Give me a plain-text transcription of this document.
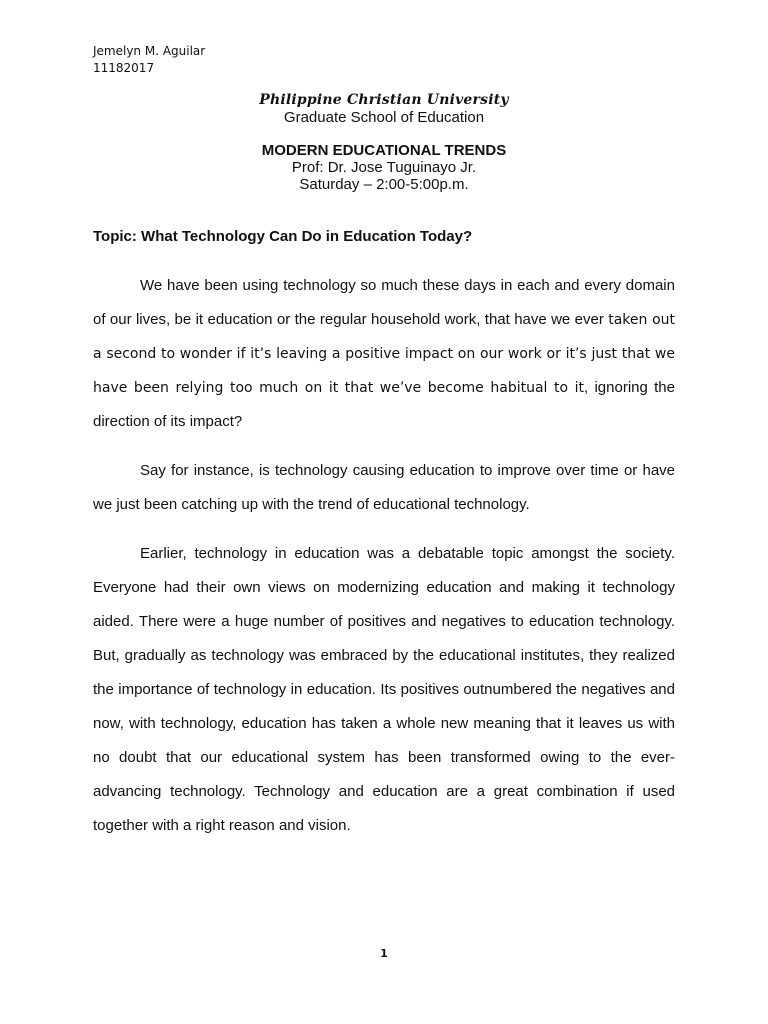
Jemelyn M. Aguilar
11182017
Philippine Christian University
Graduate School of Education
MODERN EDUCATIONAL TRENDS
Prof: Dr. Jose Tuguinayo Jr.
Saturday – 2:00-5:00p.m.
Topic: What Technology Can Do in Education Today?

We have been using technology so much these days in each and every domain of our lives, be it education or the regular household work, that have we ever taken out a second to wonder if it’s leaving a positive impact on our work or it’s just that we have been relying too much on it that we’ve become habitual to it, ignoring the direction of its impact?

Say for instance, is technology causing education to improve over time or have we just been catching up with the trend of educational technology.

Earlier, technology in education was a debatable topic amongst the society. Everyone had their own views on modernizing education and making it technology aided. There were a huge number of positives and negatives to education technology. But, gradually as technology was embraced by the educational institutes, they realized the importance of technology in education. Its positives outnumbered the negatives and now, with technology, education has taken a whole new meaning that it leaves us with no doubt that our educational system has been transformed owing to the ever-advancing technology. Technology and education are a great combination if used together with a right reason and vision.

1
